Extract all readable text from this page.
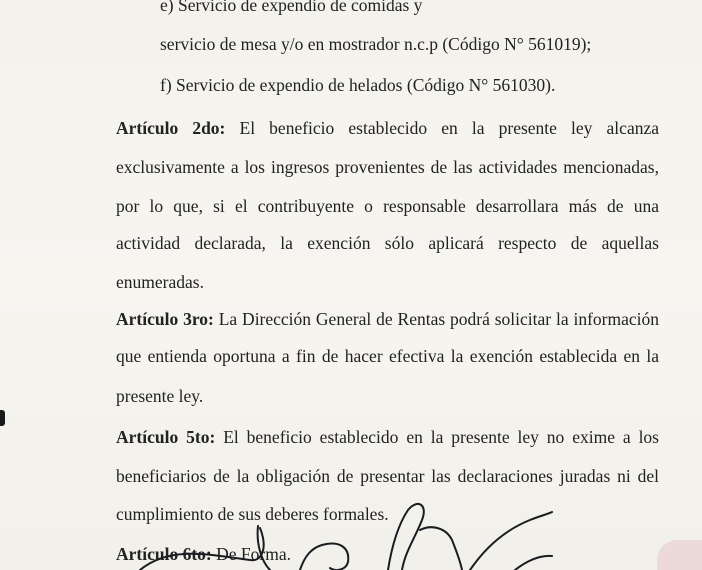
e) Servicio de expendio de comidas y
servicio de mesa y/o en mostrador n.c.p (Código N° 561019);
f) Servicio de expendio de helados (Código N° 561030).
Artículo 2do: El beneficio establecido en la presente ley alcanza
exclusivamente a los ingresos provenientes de las actividades mencionadas,
por lo que, si el contribuyente o responsable desarrollara más de una
actividad declarada, la exención sólo aplicará respecto de aquellas
enumeradas.
Artículo 3ro: La Dirección General de Rentas podrá solicitar la información
que entienda oportuna a fin de hacer efectiva la exención establecida en la
presente ley.
Artículo 5to: El beneficio establecido en la presente ley no exime a los
beneficiarios de la obligación de presentar las declaraciones juradas ni del
cumplimiento de sus deberes formales.
Artículo 6to: De Forma.
